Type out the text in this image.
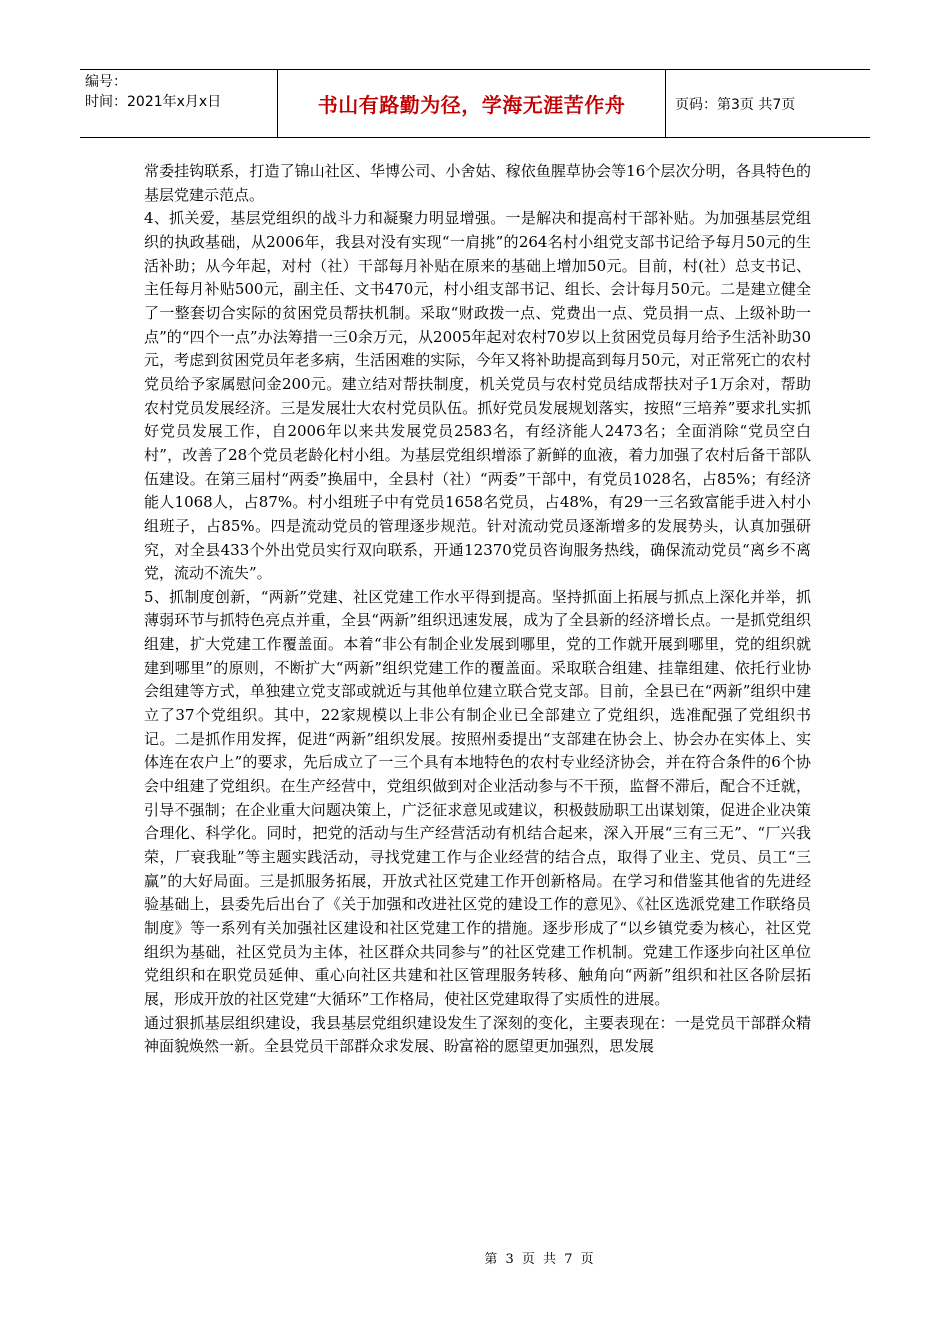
编号：
时间：2021年x月x日	书山有路勤为径，学海无涯苦作舟	页码：第3页 共7页

常委挂钩联系，打造了锦山社区、华博公司、小舍姑、稼依鱼腥草协会等16个层次分明，各具特色的基层党建示范点。

4、抓关爱，基层党组织的战斗力和凝聚力明显增强。一是解决和提高村干部补贴。为加强基层党组织的执政基础，从2006年，我县对没有实现“一肩挑”的264名村小组党支部书记给予每月50元的生活补助；从今年起，对村（社）干部每月补贴在原来的基础上增加50元。目前，村(社）总支书记、主任每月补贴500元，副主任、文书470元，村小组支部书记、组长、会计每月50元。二是建立健全了一整套切合实际的贫困党员帮扶机制。采取“财政拨一点、党费出一点、党员捐一点、上级补助一点”的“四个一点”办法筹措一三0余万元，从2005年起对农村70岁以上贫困党员每月给予生活补助30元，考虑到贫困党员年老多病，生活困难的实际，今年又将补助提高到每月50元，对正常死亡的农村党员给予家属慰问金200元。建立结对帮扶制度，机关党员与农村党员结成帮扶对子1万余对，帮助农村党员发展经济。三是发展壮大农村党员队伍。抓好党员发展规划落实，按照“三培养”要求扎实抓好党员发展工作，自2006年以来共发展党员2583名，有经济能人2473名；全面消除“党员空白村”，改善了28个党员老龄化村小组。为基层党组织增添了新鲜的血液，着力加强了农村后备干部队伍建设。在第三届村“两委”换届中，全县村（社）“两委”干部中，有党员1028名，占85%；有经济能人1068人，占87%。村小组班子中有党员1658名党员，占48%，有29一三名致富能手进入村小组班子，占85%。四是流动党员的管理逐步规范。针对流动党员逐渐增多的发展势头，认真加强研究，对全县433个外出党员实行双向联系，开通12370党员咨询服务热线，确保流动党员“离乡不离党，流动不流失”。

5、抓制度创新，“两新”党建、社区党建工作水平得到提高。坚持抓面上拓展与抓点上深化并举，抓薄弱环节与抓特色亮点并重，全县“两新”组织迅速发展，成为了全县新的经济增长点。一是抓党组织组建，扩大党建工作覆盖面。本着“非公有制企业发展到哪里，党的工作就开展到哪里，党的组织就建到哪里”的原则，不断扩大“两新”组织党建工作的覆盖面。采取联合组建、挂靠组建、依托行业协会组建等方式，单独建立党支部或就近与其他单位建立联合党支部。目前，全县已在“两新”组织中建立了37个党组织。其中，22家规模以上非公有制企业已全部建立了党组织，选准配强了党组织书记。二是抓作用发挥，促进“两新”组织发展。按照州委提出“支部建在协会上、协会办在实体上、实体连在农户上”的要求，先后成立了一三个具有本地特色的农村专业经济协会，并在符合条件的6个协会中组建了党组织。在生产经营中，党组织做到对企业活动参与不干预，监督不滞后，配合不迁就，引导不强制；在企业重大问题决策上，广泛征求意见或建议，积极鼓励职工出谋划策，促进企业决策合理化、科学化。同时，把党的活动与生产经营活动有机结合起来，深入开展“三有三无”、“厂兴我荣，厂衰我耻”等主题实践活动，寻找党建工作与企业经营的结合点，取得了业主、党员、员工“三赢”的大好局面。三是抓服务拓展，开放式社区党建工作开创新格局。在学习和借鉴其他省的先进经验基础上，县委先后出台了《关于加强和改进社区党的建设工作的意见》、《社区选派党建工作联络员制度》等一系列有关加强社区建设和社区党建工作的措施。逐步形成了“以乡镇党委为核心，社区党组织为基础，社区党员为主体，社区群众共同参与”的社区党建工作机制。党建工作逐步向社区单位党组织和在职党员延伸、重心向社区共建和社区管理服务转移、触角向“两新”组织和社区各阶层拓展，形成开放的社区党建“大循环”工作格局，使社区党建取得了实质性的进展。

通过狠抓基层组织建设，我县基层党组织建设发生了深刻的变化，主要表现在：一是党员干部群众精神面貌焕然一新。全县党员干部群众求发展、盼富裕的愿望更加强烈，思发展

第 3 页 共 7 页
